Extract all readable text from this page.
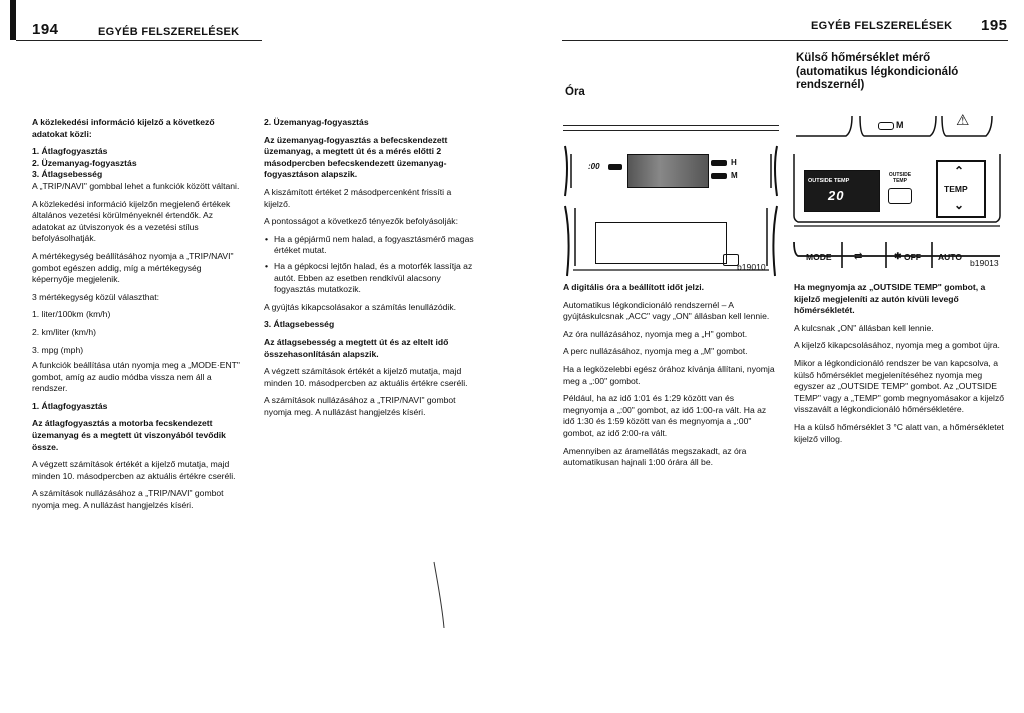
194	EGYÉB FELSZERELÉSEK	EGYÉB FELSZERELÉSEK 195
Óra
Külső hőmérséklet mérő
(automatikus légkondicionáló
rendszernél)

A közlekedési információ kijelző a következő adatokat közli:

1. Átlagfogyasztás

2. Üzemanyag-fogyasztás

3. Átlagsebesség

A „TRIP/NAVI" gombbal lehet a funkciók között váltani.

A közlekedési információ kijelzőn megjelenő értékek általános vezetési körülményeknél értendők. Az adatokat az útviszonyok és a vezetési stílus befolyásolhatják.

A mértékegység beállításához nyomja a „TRIP/NAVI" gombot egészen addig, míg a mértékegység képernyője megjelenik.

3 mértékegység közül választhat:

1. liter/100km (km/h)

2. km/liter (km/h)

3. mpg (mph)

A funkciók beállítása után nyomja meg a „MODE·ENT" gombot, amíg az audio módba vissza nem áll a rendszer.

1. Átlagfogyasztás

Az átlagfogyasztás a motorba fecskendezett üzemanyag és a megtett út viszonyából tevődik össze.

A végzett számítások értékét a kijelző mutatja, majd minden 10. másodpercben az aktuális értékre cseréli.

A számítások nullázásához a „TRIP/NAVI" gombot nyomja meg. A nullázást hangjelzés kíséri.

2. Üzemanyag-fogyasztás

Az üzemanyag-fogyasztás a befecskendezett üzemanyag, a megtett út és a mérés előtti 2 másodpercben befecskendezett üzemanyag-fogyasztáson alapszik.

A kiszámított értéket 2 másodpercenként frissíti a kijelző.

A pontosságot a következő tényezők befolyásolják:

• Ha a gépjármű nem halad, a fogyasztásmérő magas értéket mutat.
• Ha a gépkocsi lejtőn halad, és a motorfék lassítja az autót. Ebben az esetben rendkívül alacsony fogyasztás mutatkozik.

A gyújtás kikapcsolásakor a számítás lenullázódik.

3. Átlagsebesség

Az átlagsebesség a megtett út és az eltelt idő összehasonlításán alapszik.

A végzett számítások értékét a kijelző mutatja, majd minden 10. másodpercben az aktuális értékre cseréli.

A számítások nullázásához a „TRIP/NAVI" gombot nyomja meg. A nullázást hangjelzés kíséri.

:00	H
M
b19010

A digitális óra a beállított időt jelzi.

Automatikus légkondicionáló rendszernél – A gyújtáskulcsnak „ACC" vagy „ON" állásban kell lennie.

Az óra nullázásához, nyomja meg a „H" gombot.

A perc nullázásához, nyomja meg a „M" gombot.

Ha a legközelebbi egész órához kívánja állítani, nyomja meg a „:00" gombot.

Például, ha az idő 1:01 és 1:29 között van és megnyomja a „:00" gombot, az idő 1:00-ra vált. Ha az idő 1:30 és 1:59 között van és megnyomja a „:00" gombot, az idő 2:00-ra vált.

Amennyiben az áramellátás megszakadt, az óra automatikusan hajnali 1:00 órára áll be.

M	⚠
OUTSIDE TEMP
20
OUTSIDE TEMP
⌃
TEMP
⌄
MODE ⇄	✱ OFF AUTO
b19013

Ha megnyomja az „OUTSIDE TEMP" gombot, a kijelző megjeleníti az autón kívüli levegő hőmérsékletét.

A kulcsnak „ON" állásban kell lennie.

A kijelző kikapcsolásához, nyomja meg a gombot újra.

Mikor a légkondicionáló rendszer be van kapcsolva, a külső hőmérséklet megjelenítéséhez nyomja meg egyszer az „OUTSIDE TEMP" gombot. Az „OUTSIDE TEMP" vagy a „TEMP" gomb megnyomásakor a kijelző visszavált a légkondicionáló hőmérsékletére.

Ha a külső hőmérséklet 3 °C alatt van, a hőmérsékletet kijelző villog.
